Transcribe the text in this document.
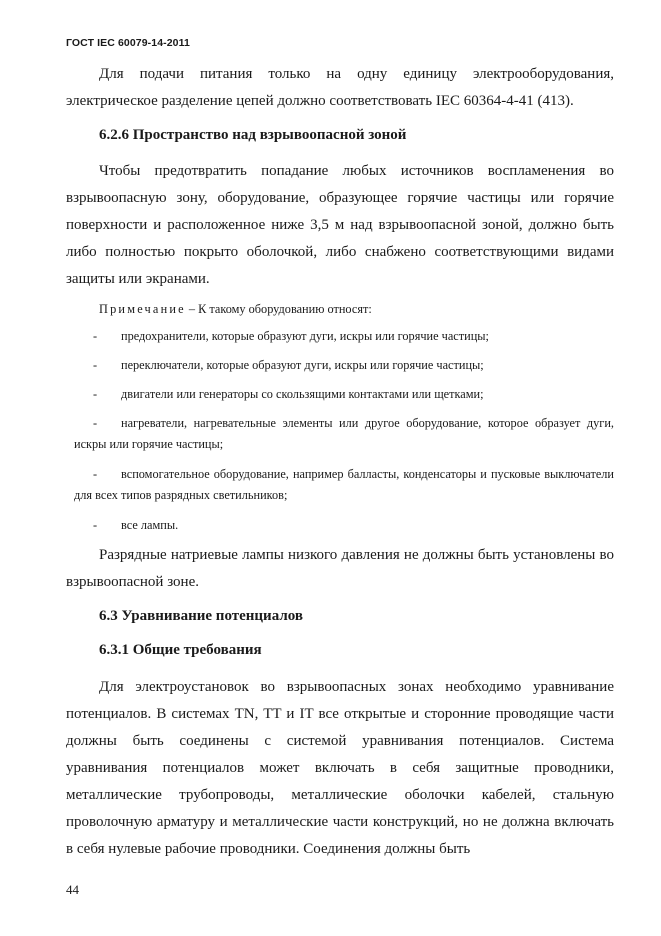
ГОСТ IEC 60079-14-2011

Для подачи питания только на одну единицу электрооборудования, электрическое разделение цепей должно соответствовать IEC 60364-4-41 (413).

6.2.6 Пространство над взрывоопасной зоной

Чтобы предотвратить попадание любых источников воспламенения во взрывоопасную зону, оборудование, образующее горячие частицы или горячие поверхности и расположенное ниже 3,5 м над взрывоопасной зоной, должно быть либо полностью покрыто оболочкой, либо снабжено соответствующими видами защиты или экранами.

Примечание – К такому оборудованию относят:

- предохранители, которые образуют дуги, искры или горячие частицы;

- переключатели, которые образуют дуги, искры или горячие частицы;

- двигатели или генераторы со скользящими контактами или щетками;

- нагреватели, нагревательные элементы или другое оборудование, которое образует дуги, искры или горячие частицы;

- вспомогательное оборудование, например балласты, конденсаторы и пусковые выключатели для всех типов разрядных светильников;

- все лампы.

Разрядные натриевые лампы низкого давления не должны быть установлены во взрывоопасной зоне.

6.3 Уравнивание потенциалов

6.3.1 Общие требования

Для электроустановок во взрывоопасных зонах необходимо уравнивание потенциалов. В системах TN, TT и IT все открытые и сторонние проводящие части должны быть соединены с системой уравнивания потенциалов. Система уравнивания потенциалов может включать в себя защитные проводники, металлические трубопроводы, металлические оболочки кабелей, стальную проволочную арматуру и металлические части конструкций, но не должна включать в себя нулевые рабочие проводники. Соединения должны быть

44
